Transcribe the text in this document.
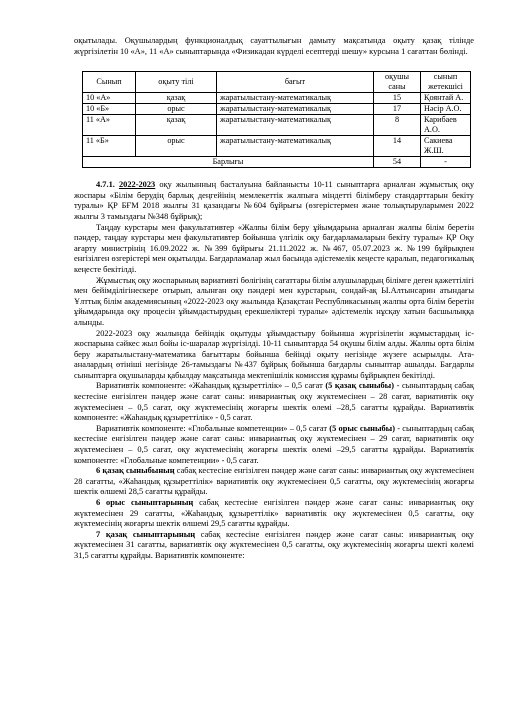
оқытылады. Оқушылардың функционалдық сауаттылығын дамыту мақсатында оқыту қазақ тілінде жүргізілетін 10 «А», 11 «А» сыныптарында «Физикадан күрделі есептерді шешу» курсына 1 сағаттан бөлінді.

Сынып	оқыту тілі	бағыт	оқушы саны	сынып жетекшісі
10 «А»	қазақ	жаратылыстану-математикалық	15	Қоянтай А.
10 «Б»	орыс	жаратылыстану-математикалық	17	Нәсір А.О.
11 «А»	қазақ	жаратылыстану-математикалық	8	Карибаев А.О.
11 «Б»	орыс	жаратылыстану-математикалық	14	Сакиева Ж.Ш.
Барлығы			54	-

4.7.1. 2022-2023 оқу жылынның басталуына байланысты 10-11 сыныптарға арналған жұмыстық оқу жоспары «Білім берудің барлық деңгейінің мемлекеттік жалпыға міндетті білімберу стандарттарын бекіту туралы» ҚР БҒМ 2018 жылғы 31 қазандағы №604 бұйрығы (өзгерістермен және толықтыруларымен 2022 жылғы 3 тамыздағы №348 бұйрық);

Таңдау курстары мен факультативтер «Жалпы білім беру ұйымдарына арналған жалпы білім беретін пәндер, таңдау курстары мен факультативтер бойынша үлгілік оқу бағдарламаларын бекіту туралы» ҚР Оқу ағарту министрінің 16.09.2022 ж. №399 бұйрығы 21.11.2022 ж. №467, 05.07.2023 ж. №199 бұйрықпен енгізілген өзгерістері мен оқытылды. Бағдарламалар жыл басында әдістемелік кеңесте қаралып, педагогикалық кеңесте бекітілді.

Жұмыстық оқу жоспарының вариативті бөлігінің сағаттары білім алушылардың білімге деген қажеттілігі мен бейімділігінескере отырып, алынған оқу пәндері мен курстарын, сондай-ақ Ы.Алтынсарин атындағы Ұлттық білім академиясының «2022-2023 оқу жылында Қазақстан Республикасының жалпы орта білім беретін ұйымдарында оқу процесін ұйымдастырудың ерекшеліктері туралы» әдістемелік нұсқау хатын басшылыққа алынды.

2022-2023 оқу жылында бейіндік оқытуды ұйымдастыру бойынша жүргізілетін жұмыстардың іс-жоспарына сәйкес жыл бойы іс-шаралар жүргізілді. 10-11 сыныптарда 54 оқушы білім алды. Жалпы орта білім беру жаратылыстану-математика бағыттары бойынша бейінді оқыту негізінде жүзеге асырылды. Ата-аналардың өтініші негізінде 26-тамыздағы №437 бұйрық бойынша бағдарлы сыныптар ашылды. Бағдарлы сыныптарға оқушыларды қабылдау мақсатында мектепішілік комиссия құрамы бұйрықпен бекітілді.

Вариативтік компоненте: «Жаһандық құзыреттілік» – 0,5 сағат (5 қазақ сыныбы) - сыныптардың сабақ кестесіне енгізілген пәндер және сағат саны: инвариантық оқу жүктемесінен – 28 сағат, вариативтік оқу жүктемесінен – 0,5 сағат, оқу жүктемесінің жоғарғы шектік өлемі –28,5 сағатты құрайды. Вариативтік компоненте: «Жаһандық құзыреттілік» - 0,5 сағат.

Вариативтік компоненте: «Глобальные компетенции» – 0,5 сағат (5 орыс сыныбы) - сыныптардың сабақ кестесіне енгізілген пәндер және сағат саны: инвариантық оқу жүктемесінен – 29 сағат, вариативтік оқу жүктемесінен – 0,5 сағат, оқу жүктемесінің жоғарғы шектік өлемі –29,5 сағатты құрайды. Вариативтік компоненте: «Глобальные компетенции» - 0,5 сағат.

6 қазақ сыныбының сабақ кестесіне енгізілген пәндер және сағат саны: инвариантық оқу жүктемесінен 28 сағатты, «Жаһандық құзыреттілік» вариативтік оқу жүктемесінен 0,5 сағатты, оқу жүктемесінің жоғарғы шектік өлшемі 28,5 сағатты құрайды.

6 орыс сыныптарының сабақ кестесіне енгізілген пәндер және сағат саны: инвариантық оқу жүктемесінен 29 сағатты, «Жаһандық құзыреттілік» вариативтік оқу жүктемесінен 0,5 сағатты, оқу жүктемесінің жоғарғы шектік өлшемі 29,5 сағатты құрайды.

7 қазақ сыныптарының сабақ кестесіне енгізілген пәндер және сағат саны: инвариантық оқу жүктемесінен 31 сағатты, вариативтік оқу жүктемесінен 0,5 сағатты, оқу жүктемесінің жоғарғы шекті көлемі 31,5 сағатты құрайды. Вариативтік компоненте:
